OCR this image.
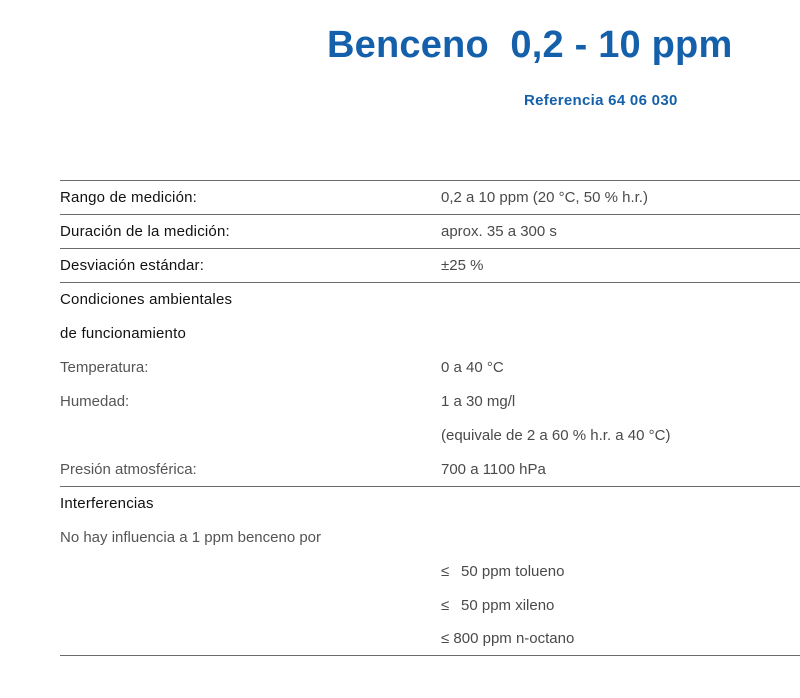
Benceno  0,2 - 10 ppm
Referencia 64 06 030
Rango de medición:	0,2 a 10 ppm (20 °C, 50 % h.r.)
Duración de la medición:	aprox. 35 a 300 s
Desviación estándar:	±25 %
Condiciones ambientales
de funcionamiento
Temperatura:	0 a 40 °C
Humedad:	1 a 30 mg/l
(equivale de 2 a 60 % h.r. a 40 °C)
Presión atmosférica:	700 a 1100 hPa
Interferencias
No hay influencia a 1 ppm benceno por
≤ 50 ppm tolueno
≤ 50 ppm xileno
≤ 800 ppm n-octano
